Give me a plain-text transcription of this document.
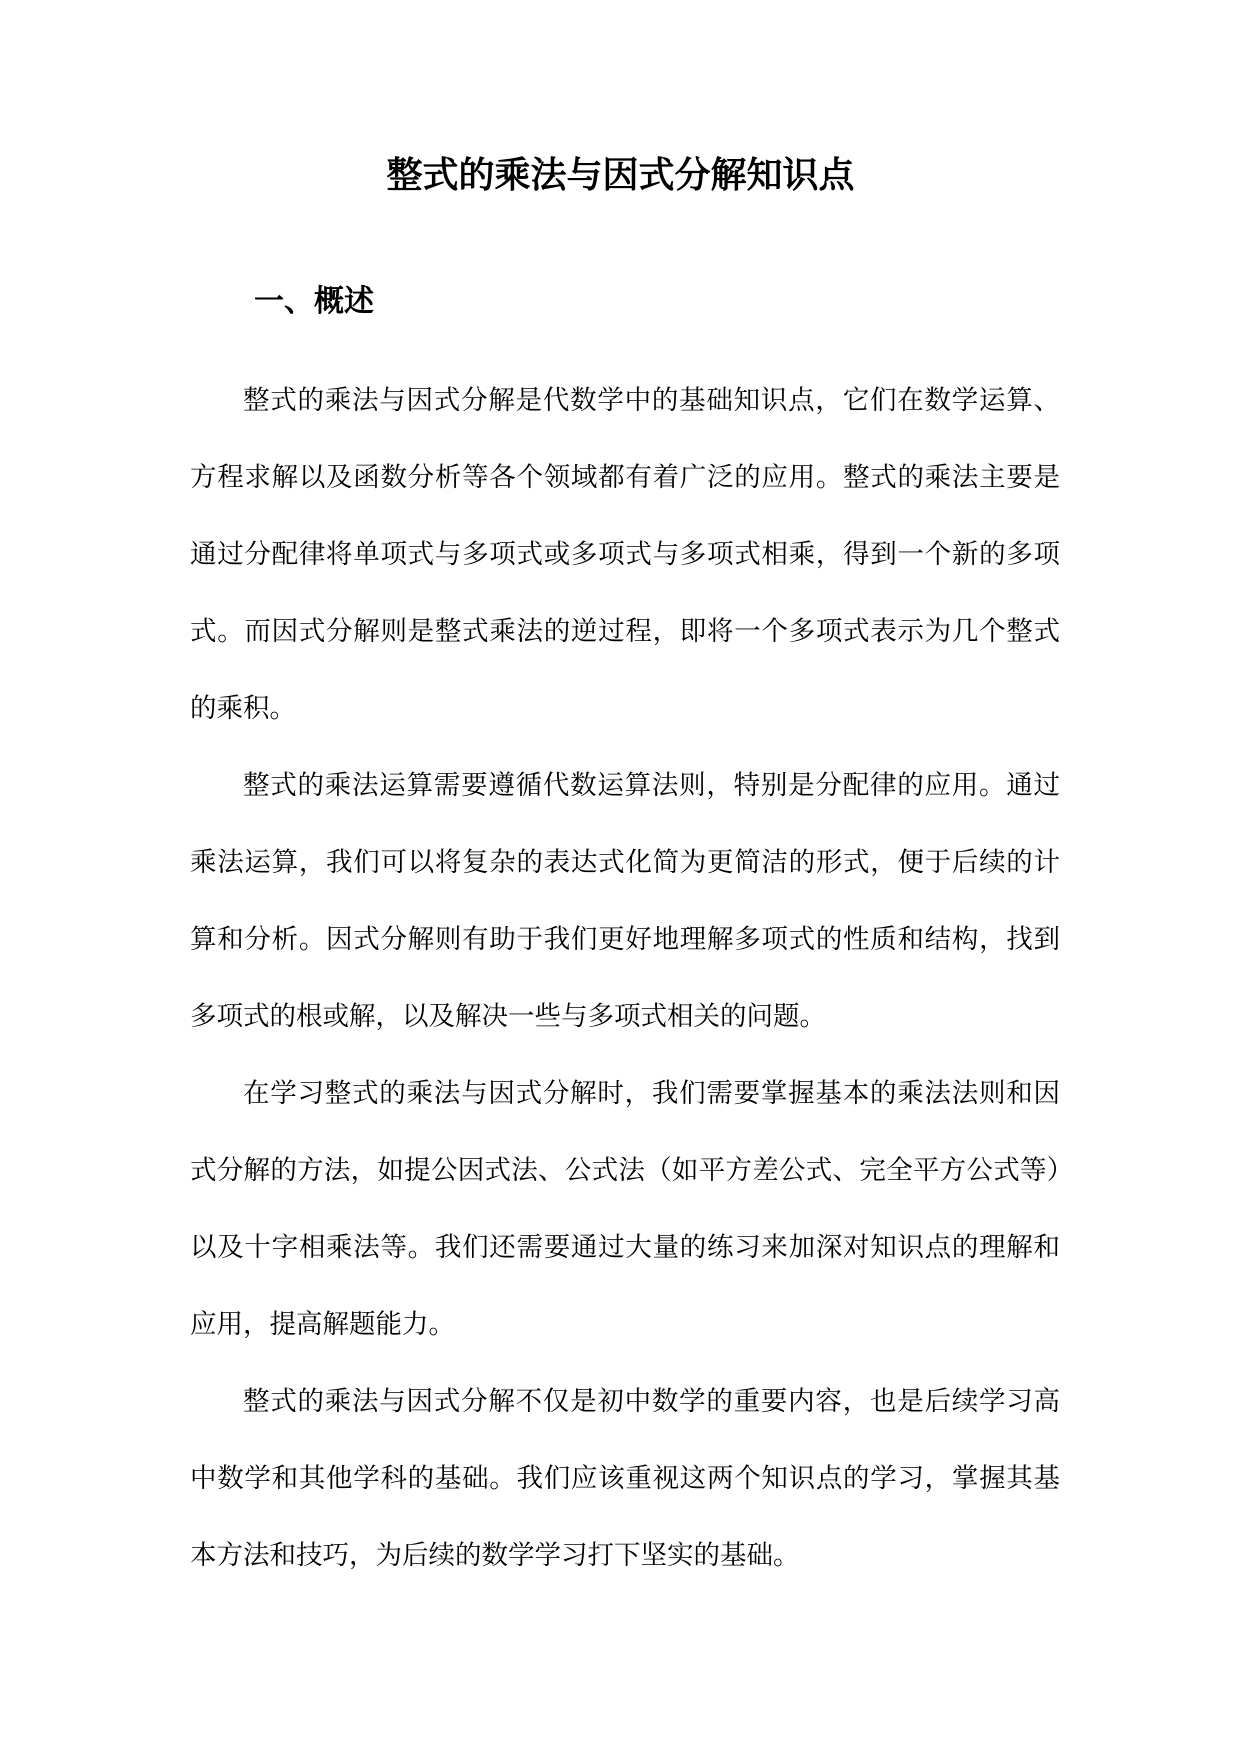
整式的乘法与因式分解知识点
一、概述

整式的乘法与因式分解是代数学中的基础知识点，它们在数学运算、方程求解以及函数分析等各个领域都有着广泛的应用。整式的乘法主要是通过分配律将单项式与多项式或多项式与多项式相乘，得到一个新的多项式。而因式分解则是整式乘法的逆过程，即将一个多项式表示为几个整式的乘积。

整式的乘法运算需要遵循代数运算法则，特别是分配律的应用。通过乘法运算，我们可以将复杂的表达式化简为更简洁的形式，便于后续的计算和分析。因式分解则有助于我们更好地理解多项式的性质和结构，找到多项式的根或解，以及解决一些与多项式相关的问题。

在学习整式的乘法与因式分解时，我们需要掌握基本的乘法法则和因式分解的方法，如提公因式法、公式法（如平方差公式、完全平方公式等）以及十字相乘法等。我们还需要通过大量的练习来加深对知识点的理解和应用，提高解题能力。

整式的乘法与因式分解不仅是初中数学的重要内容，也是后续学习高中数学和其他学科的基础。我们应该重视这两个知识点的学习，掌握其基本方法和技巧，为后续的数学学习打下坚实的基础。
